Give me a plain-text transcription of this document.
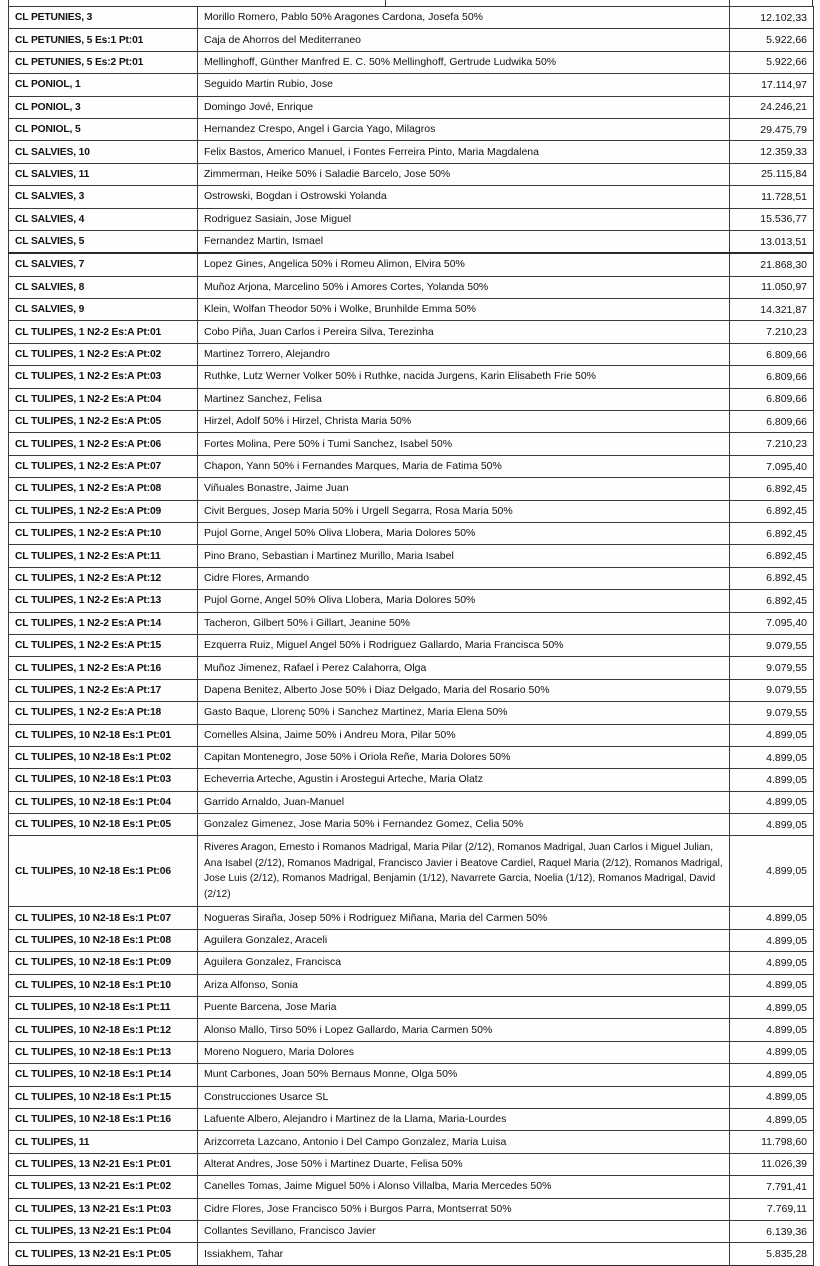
CL PETUNIES, 3	Morillo Romero, Pablo 50% Aragones Cardona, Josefa 50%	12.102,33
CL PETUNIES, 5 Es:1 Pt:01	Caja de Ahorros del Mediterraneo	5.922,66
CL PETUNIES, 5 Es:2 Pt:01	Mellinghoff, Günther Manfred E. C. 50% Mellinghoff, Gertrude Ludwika 50%	5.922,66
CL PONIOL, 1	Seguido Martin Rubio, Jose	17.114,97
CL PONIOL, 3	Domingo Jové, Enrique	24.246,21
CL PONIOL, 5	Hernandez Crespo, Angel i Garcia Yago, Milagros	29.475,79
CL SALVIES, 10	Felix Bastos, Americo Manuel, i Fontes Ferreira Pinto, Maria Magdalena	12.359,33
CL SALVIES, 11	Zimmerman, Heike 50% i Saladie Barcelo, Jose 50%	25.115,84
CL SALVIES, 3	Ostrowski, Bogdan i Ostrowski Yolanda	11.728,51
CL SALVIES, 4	Rodriguez Sasiain, Jose Miguel	15.536,77
CL SALVIES, 5	Fernandez Martin, Ismael	13.013,51
CL SALVIES, 7	Lopez Gines, Angelica 50% i Romeu Alimon, Elvira 50%	21.868,30
CL SALVIES, 8	Muñoz Arjona, Marcelino 50% i Amores Cortes, Yolanda 50%	11.050,97
CL SALVIES, 9	Klein, Wolfan Theodor 50% i Wolke, Brunhilde Emma 50%	14.321,87
CL TULIPES, 1 N2-2 Es:A Pt:01	Cobo Piña, Juan Carlos i Pereira Silva, Terezinha	7.210,23
CL TULIPES, 1 N2-2 Es:A Pt:02	Martinez Torrero, Alejandro	6.809,66
CL TULIPES, 1 N2-2 Es:A Pt:03	Ruthke, Lutz Werner Volker 50% i Ruthke, nacida Jurgens, Karin Elisabeth Frie 50%	6.809,66
CL TULIPES, 1 N2-2 Es:A Pt:04	Martinez Sanchez, Felisa	6.809,66
CL TULIPES, 1 N2-2 Es:A Pt:05	Hirzel, Adolf 50% i Hirzel, Christa Maria 50%	6.809,66
CL TULIPES, 1 N2-2 Es:A Pt:06	Fortes Molina, Pere 50% i Tumi Sanchez, Isabel 50%	7.210,23
CL TULIPES, 1 N2-2 Es:A Pt:07	Chapon, Yann 50% i Fernandes Marques, Maria de Fatima 50%	7.095,40
CL TULIPES, 1 N2-2 Es:A Pt:08	Viñuales Bonastre, Jaime Juan	6.892,45
CL TULIPES, 1 N2-2 Es:A Pt:09	Civit Bergues, Josep Maria 50% i Urgell Segarra, Rosa Maria 50%	6.892,45
CL TULIPES, 1 N2-2 Es:A Pt:10	Pujol Gorne, Angel 50% Oliva Llobera, Maria Dolores 50%	6.892,45
CL TULIPES, 1 N2-2 Es:A Pt:11	Pino Brano, Sebastian i Martinez Murillo, Maria Isabel	6.892,45
CL TULIPES, 1 N2-2 Es:A Pt:12	Cidre Flores, Armando	6.892,45
CL TULIPES, 1 N2-2 Es:A Pt:13	Pujol Gorne, Angel 50% Oliva Llobera, Maria Dolores 50%	6.892,45
CL TULIPES, 1 N2-2 Es:A Pt:14	Tacheron, Gilbert 50% i Gillart, Jeanine 50%	7.095,40
CL TULIPES, 1 N2-2 Es:A Pt:15	Ezquerra Ruiz, Miguel Angel 50% i Rodriguez Gallardo, Maria Francisca 50%	9.079,55
CL TULIPES, 1 N2-2 Es:A Pt:16	Muñoz Jimenez, Rafael i Perez Calahorra, Olga	9.079,55
CL TULIPES, 1 N2-2 Es:A Pt:17	Dapena Benitez, Alberto Jose 50% i Diaz Delgado, Maria del Rosario 50%	9.079,55
CL TULIPES, 1 N2-2 Es:A Pt:18	Gasto Baque, Llorenç 50% i Sanchez Martinez, Maria Elena 50%	9.079,55
CL TULIPES, 10 N2-18 Es:1 Pt:01	Comelles Alsina, Jaime 50% i Andreu Mora, Pilar 50%	4.899,05
CL TULIPES, 10 N2-18 Es:1 Pt:02	Capitan Montenegro, Jose 50% i Oriola Reñe, Maria Dolores 50%	4.899,05
CL TULIPES, 10 N2-18 Es:1 Pt:03	Echeverria Arteche, Agustin i Arostegui Arteche, Maria Olatz	4.899,05
CL TULIPES, 10 N2-18 Es:1 Pt:04	Garrido Arnaldo, Juan-Manuel	4.899,05
CL TULIPES, 10 N2-18 Es:1 Pt:05	Gonzalez Gimenez, Jose Maria 50% i Fernandez Gomez, Celia 50%	4.899,05
CL TULIPES, 10 N2-18 Es:1 Pt:06	Riveres Aragon, Ernesto i Romanos Madrigal, Maria Pilar (2/12), Romanos Madrigal, Juan Carlos i Miguel Julian, Ana Isabel (2/12), Romanos Madrigal, Francisco Javier i Beatove Cardiel, Raquel Maria (2/12), Romanos Madrigal, Jose Luis (2/12), Romanos Madrigal, Benjamin (1/12), Navarrete Garcia, Noelia (1/12), Romanos Madrigal, David (2/12)	4.899,05
CL TULIPES, 10 N2-18 Es:1 Pt:07	Nogueras Siraña, Josep 50% i Rodriguez Miñana, Maria del Carmen 50%	4.899,05
CL TULIPES, 10 N2-18 Es:1 Pt:08	Aguilera Gonzalez, Araceli	4.899,05
CL TULIPES, 10 N2-18 Es:1 Pt:09	Aguilera Gonzalez, Francisca	4.899,05
CL TULIPES, 10 N2-18 Es:1 Pt:10	Ariza Alfonso, Sonia	4.899,05
CL TULIPES, 10 N2-18 Es:1 Pt:11	Puente Barcena, Jose Maria	4.899,05
CL TULIPES, 10 N2-18 Es:1 Pt:12	Alonso Mallo, Tirso 50% i Lopez Gallardo, Maria Carmen 50%	4.899,05
CL TULIPES, 10 N2-18 Es:1 Pt:13	Moreno Noguero, Maria Dolores	4.899,05
CL TULIPES, 10 N2-18 Es:1 Pt:14	Munt Carbones, Joan 50% Bernaus Monne, Olga 50%	4.899,05
CL TULIPES, 10 N2-18 Es:1 Pt:15	Construcciones Usarce SL	4.899,05
CL TULIPES, 10 N2-18 Es:1 Pt:16	Lafuente Albero, Alejandro i Martinez de la Llama, Maria-Lourdes	4.899,05
CL TULIPES, 11	Arizcorreta Lazcano, Antonio i Del Campo Gonzalez, Maria Luisa	11.798,60
CL TULIPES, 13 N2-21 Es:1 Pt:01	Alterat Andres, Jose 50% i Martinez Duarte, Felisa 50%	11.026,39
CL TULIPES, 13 N2-21 Es:1 Pt:02	Canelles Tomas, Jaime Miguel 50% i Alonso Villalba, Maria Mercedes 50%	7.791,41
CL TULIPES, 13 N2-21 Es:1 Pt:03	Cidre Flores, Jose Francisco 50% i Burgos Parra, Montserrat 50%	7.769,11
CL TULIPES, 13 N2-21 Es:1 Pt:04	Collantes Sevillano, Francisco Javier	6.139,36
CL TULIPES, 13 N2-21 Es:1 Pt:05	Issiakhem, Tahar	5.835,28
